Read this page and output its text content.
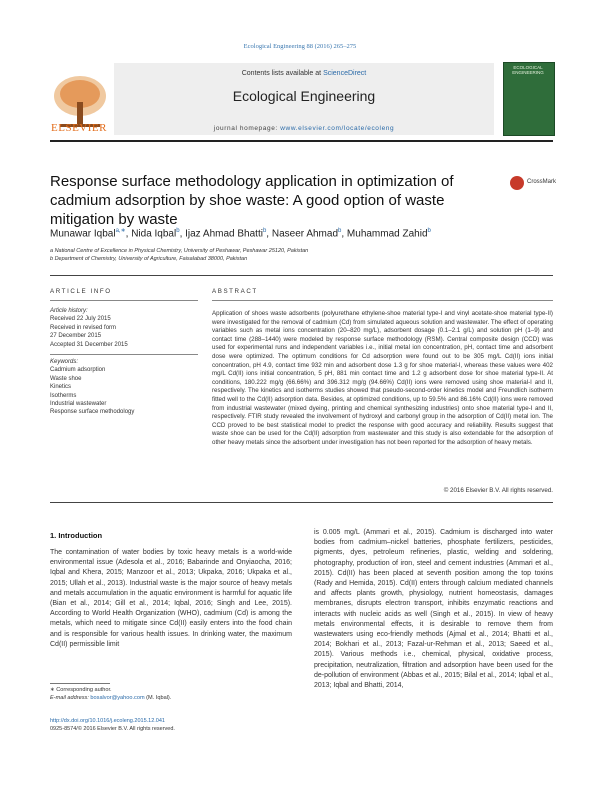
Ecological Engineering 88 (2016) 265–275
Contents lists available at ScienceDirect
Ecological Engineering
journal homepage: www.elsevier.com/locate/ecoleng
ELSEVIER
ECOLOGICAL ENGINEERING
Response surface methodology application in optimization of cadmium adsorption by shoe waste: A good option of waste mitigation by waste
CrossMark
Munawar Iqbal$^{a,∗}$, Nida Iqbal$^b$, Ijaz Ahmad Bhatti$^b$, Naseer Ahmad$^b$, Muhammad Zahid$^b$
a National Centre of Excellence in Physical Chemistry, University of Peshawar, Peshawar 25120, Pakistan
b Department of Chemistry, University of Agriculture, Faisalabad 38000, Pakistan
ARTICLE INFO
Article history:
Received 22 July 2015
Received in revised form
27 December 2015
Accepted 31 December 2015
Keywords:
Cadmium adsorption
Waste shoe
Kinetics
Isotherms
Industrial wastewater
Response surface methodology
ABSTRACT
Application of shoes waste adsorbents (polyurethane ethylene-shoe material type-I and vinyl acetate-shoe material type-II) were investigated for the removal of cadmium (Cd) from simulated aqueous solution and wastewater. The effect of operating variables such as metal ions concentration (20–820 mg/L), adsorbent dosage (0.1–2.1 g/L) and solution pH (1–9) and contact time (288–1440) were modeled by response surface methodology (RSM). Central composite design (CCD) was used for experimental runs and independent variables i.e., initial metal ion concentration, pH, contact time and adsorbent dose were optimized. The optimum conditions for Cd adsorption were found out to be 305 mg/L Cd(II) ions initial concentration, pH 4.9, contact time 932 min and adsorbent dose 1.3 g for shoe material-I, whereas these values were 402 mg/L Cd(II) ions initial concentration, 5 pH, 881 min contact time and 1.2 g adsorbent dose for shoe material type-II. At conditions, 180.222 mg/g (66.66%) and 396.312 mg/g (94.66%) Cd(II) ions were removed using shoe material-I and II, respectively. The kinetics and isotherms studies showed that pseudo-second-order kinetics model and Freundlich isotherm fitted well to the Cd(II) adsorption data. Besides, at optimized conditions, up to 59.5% and 86.16% Cd(II) ions were removed from industrial wastewater (mixed dyeing, printing and chemical synthesizing industries) onto shoe material type-I and II, respectively. FTIR study revealed the involvement of hydroxyl and carbonyl group in the adsorption of Cd(II) metal ion. The CCD proved to be best statistical model to predict the response with good accuracy and reliability. Results suggest that waste shoe can be used for the Cd(II) adsorption from wastewater and this study is also extendable for the adsorption of other heavy metals since the adsorbent under investigation has not been reported for the adsorption of heavy metals.
© 2016 Elsevier B.V. All rights reserved.
1. Introduction
The contamination of water bodies by toxic heavy metals is a world-wide environmental issue (Adesola et al., 2016; Babarinde and Onyiaocha, 2016; Iqbal and Khera, 2015; Manzoor et al., 2013; Ukpaka, 2016; Ukpaka et al., 2015; Ullah et al., 2013). Industrial waste is the major source of heavy metals and metals accumulation in the aquatic environment is harmful for aquatic life (Bian et al., 2014; Gill et al., 2014; Iqbal, 2016; Singh and Lee, 2015). According to World Health Organization (WHO), cadmium (Cd) is among the metals, which need to mitigate since Cd(II) easily enters into the food chain and is responsible for various health issues. In drinking water, the maximum Cd(II) permissible limit
is 0.005 mg/L (Ammari et al., 2015). Cadmium is discharged into water bodies from cadmium–nickel batteries, phosphate fertilizers, pesticides, pigments, dyes, petroleum refineries, plastic, welding and soldering, photography, production of iron, steel and cement industries (Ammari et al., 2015). Cd(II) has been placed at seventh position among the top toxins (Rady and Hemida, 2015). Cd(II) enters through calcium mediated channels and affects plants growth, physiology, nutrient homeostasis, damages membranes, disrupts electron transport, inhibits enzymatic reactions and interacts with nucleic acids as well (Singh et al., 2015). In view of heavy metals environmental effects, it is desirable to remove them from wastewaters using eco-friendly methods (Ajmal et al., 2014; Bhatti et al., 2014; Bokhari et al., 2013; Fazal-ur-Rehman et al., 2013; Saeed et al., 2015). Various methods i.e., chemical, physical, oxidative process, precipitation, neutralization, filtration and adsorption have been used for the de-pollution of environment (Abbas et al., 2015; Bilal et al., 2014; Iqbal et al., 2013; Iqbal and Bhatti, 2014,
∗ Corresponding author.
E-mail address: bosalvor@yahoo.com (M. Iqbal).
http://dx.doi.org/10.1016/j.ecoleng.2015.12.041
0925-8574/© 2016 Elsevier B.V. All rights reserved.
